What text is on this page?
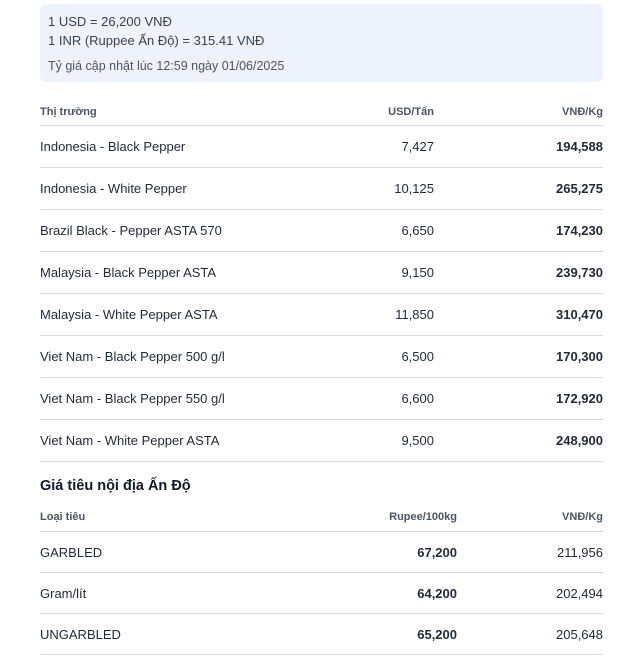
1 USD = 26,200 VNĐ
1 INR (Ruppee Ấn Độ) = 315.41 VNĐ
Tỷ giá cập nhật lúc 12:59 ngày 01/06/2025
Thị trường	USD/Tấn	VNĐ/Kg
Indonesia - Black Pepper	7,427	194,588
Indonesia - White Pepper	10,125	265,275
Brazil Black - Pepper ASTA 570	6,650	174,230
Malaysia - Black Pepper ASTA	9,150	239,730
Malaysia - White Pepper ASTA	11,850	310,470
Viet Nam - Black Pepper 500 g/l	6,500	170,300
Viet Nam - Black Pepper 550 g/l	6,600	172,920
Viet Nam - White Pepper ASTA	9,500	248,900
Giá tiêu nội địa Ấn Độ
Loại tiêu	Rupee/100kg	VNĐ/Kg
GARBLED	67,200	211,956
Gram/lít	64,200	202,494
UNGARBLED	65,200	205,648
